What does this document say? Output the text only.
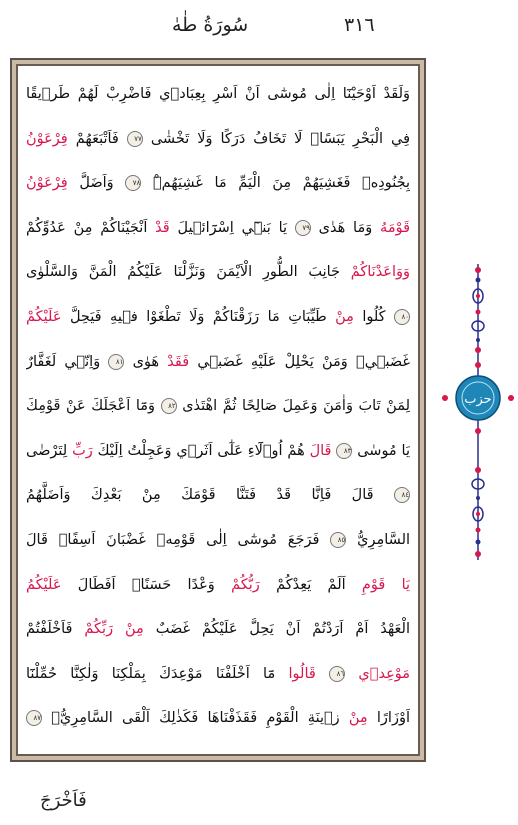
٣١٦
سُورَةُ طٰهٰ
وَلَقَدْ اَوْحَيْنَٓا اِلٰى مُوسٰٓى اَنْ اَسْرِ بِعِبَاد۪ي فَاضْرِبْ لَهُمْ طَر۪يقًا
فِي الْبَحْرِ يَبَسًاۙ لَا تَخَافُ دَرَكًا وَلَا تَخْشٰى ٧٧ فَاَتْبَعَهُمْ فِرْعَوْنُ
بِجُنُودِه۪ فَغَشِيَهُمْ مِنَ الْيَمِّ مَا غَشِيَهُمْۜ ٧٨ وَاَضَلَّ فِرْعَوْنُ
قَوْمَهُ وَمَا هَدٰى ٧٩ يَا بَن۪ٓي اِسْرَٓائ۪يلَ قَدْ اَنْجَيْنَاكُمْ مِنْ عَدُوِّكُمْ
وَوَاعَدْنَاكُمْ جَانِبَ الطُّورِ الْاَيْمَنَ وَنَزَّلْنَا عَلَيْكُمُ الْمَنَّ وَالسَّلْوٰى
٨٠ كُلُوا مِنْ طَيِّبَاتِ مَا رَزَقْنَاكُمْ وَلَا تَطْغَوْا ف۪يهِ فَيَحِلَّ عَلَيْكُمْ
غَضَب۪يۚ وَمَنْ يَحْلِلْ عَلَيْهِ غَضَب۪ي فَقَدْ هَوٰى ٨١ وَاِنّ۪ي لَغَفَّارٌ
لِمَنْ تَابَ وَاٰمَنَ وَعَمِلَ صَالِحًا ثُمَّ اهْتَدٰى ٨٢ وَمَٓا اَعْجَلَكَ عَنْ قَوْمِكَ
يَا مُوسٰى ٨٣ قَالَ هُمْ اُو۬لَٓاءِ عَلٰٓى اَثَر۪ي وَعَجِلْتُ اِلَيْكَ رَبِّ لِتَرْضٰى
٨٤ قَالَ فَاِنَّا قَدْ فَتَنَّا قَوْمَكَ مِنْ بَعْدِكَ وَاَضَلَّهُمُ
السَّامِرِيُّ ٨٥ فَرَجَعَ مُوسٰٓى اِلٰى قَوْمِه۪ غَضْبَانَ اَسِفًاۚ قَالَ
يَا قَوْمِ اَلَمْ يَعِدْكُمْ رَبُّكُمْ وَعْدًا حَسَنًاۜ اَفَطَالَ عَلَيْكُمُ
الْعَهْدُ اَمْ اَرَدْتُمْ اَنْ يَحِلَّ عَلَيْكُمْ غَضَبٌ مِنْ رَبِّكُمْ فَاَخْلَفْتُمْ
مَوْعِد۪ي ٨٦ قَالُوا مَٓا اَخْلَفْنَا مَوْعِدَكَ بِمَلْكِنَا وَلٰكِنَّا حُمِّلْنَٓا
اَوْزَارًا مِنْ ز۪ينَةِ الْقَوْمِ فَقَذَفْنَاهَا فَكَذٰلِكَ اَلْقَى السَّامِرِيُّۙ ٨٧
حزب
فَاَخْرَجَ
